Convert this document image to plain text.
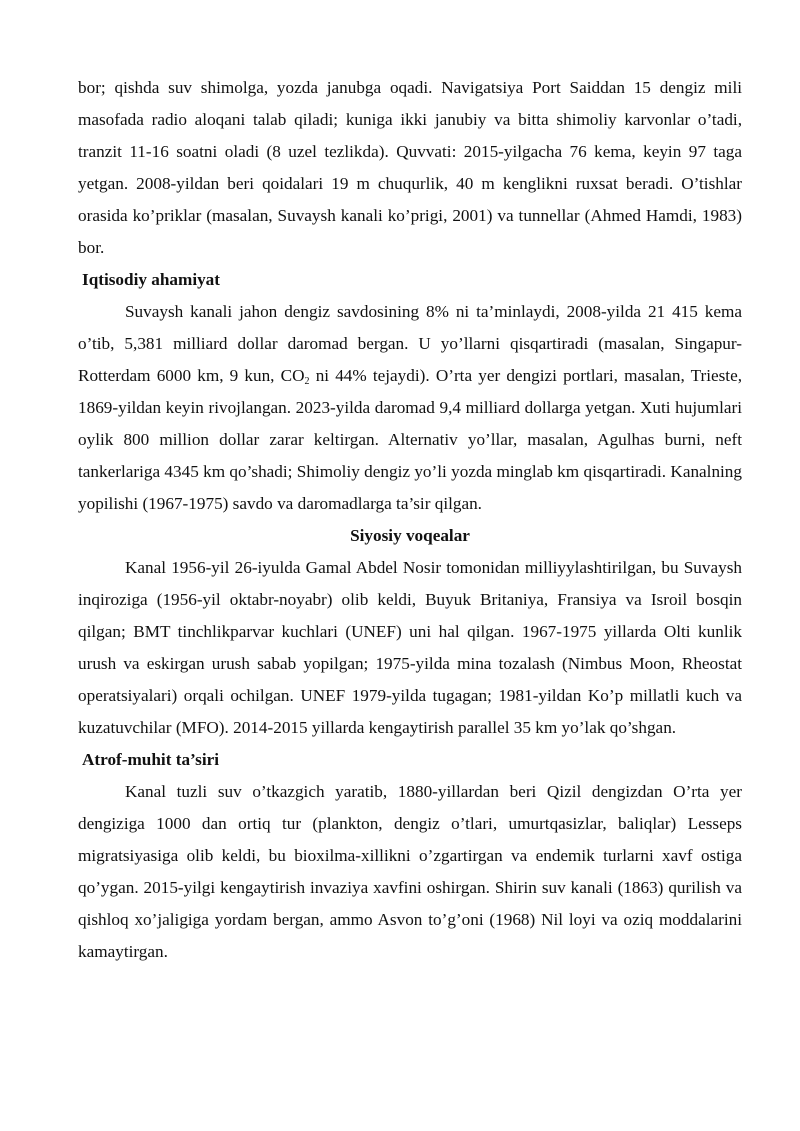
bor; qishda suv shimolga, yozda janubga oqadi. Navigatsiya Port Saiddan 15 dengiz mili masofada radio aloqani talab qiladi; kuniga ikki janubiy va bitta shimoliy karvonlar o’tadi, tranzit 11-16 soatni oladi (8 uzel tezlikda). Quvvati: 2015-yilgacha 76 kema, keyin 97 taga yetgan. 2008-yildan beri qoidalari 19 m chuqurlik, 40 m kenglikni ruxsat beradi. O’tishlar orasida ko’priklar (masalan, Suvaysh kanali ko’prigi, 2001) va tunnellar (Ahmed Hamdi, 1983) bor.

Iqtisodiy ahamiyat

Suvaysh kanali jahon dengiz savdosining 8% ni ta’minlaydi, 2008-yilda 21 415 kema o’tib, 5,381 milliard dollar daromad bergan. U yo’llarni qisqartiradi (masalan, Singapur-Rotterdam 6000 km, 9 kun, $CO_2$ ni 44% tejaydi). O’rta yer dengizi portlari, masalan, Trieste, 1869-yildan keyin rivojlangan. 2023-yilda daromad 9,4 milliard dollarga yetgan. Xuti hujumlari oylik 800 million dollar zarar keltirgan. Alternativ yo’llar, masalan, Agulhas burni, neft tankerlariga 4345 km qo’shadi; Shimoliy dengiz yo’li yozda minglab km qisqartiradi. Kanalning yopilishi (1967-1975) savdo va daromadlarga ta’sir qilgan.

Siyosiy voqealar

Kanal 1956-yil 26-iyulda Gamal Abdel Nosir tomonidan milliyylashtirilgan, bu Suvaysh inqiroziga (1956-yil oktabr-noyabr) olib keldi, Buyuk Britaniya, Fransiya va Isroil bosqin qilgan; BMT tinchlikparvar kuchlari (UNEF) uni hal qilgan. 1967-1975 yillarda Olti kunlik urush va eskirgan urush sabab yopilgan; 1975-yilda mina tozalash (Nimbus Moon, Rheostat operatsiyalari) orqali ochilgan. UNEF 1979-yilda tugagan; 1981-yildan Ko’p millatli kuch va kuzatuvchilar (MFO). 2014-2015 yillarda kengaytirish parallel 35 km yo’lak qo’shgan.

Atrof-muhit ta’siri

Kanal tuzli suv o’tkazgich yaratib, 1880-yillardan beri Qizil dengizdan O’rta yer dengiziga 1000 dan ortiq tur (plankton, dengiz o’tlari, umurtqasizlar, baliqlar) Lesseps migratsiyasiga olib keldi, bu bioxilma-xillikni o’zgartirgan va endemik turlarni xavf ostiga qo’ygan. 2015-yilgi kengaytirish invaziya xavfini oshirgan. Shirin suv kanali (1863) qurilish va qishloq xo’jaligiga yordam bergan, ammo Asvon to’g’oni (1968) Nil loyi va oziq moddalarini kamaytirgan.
